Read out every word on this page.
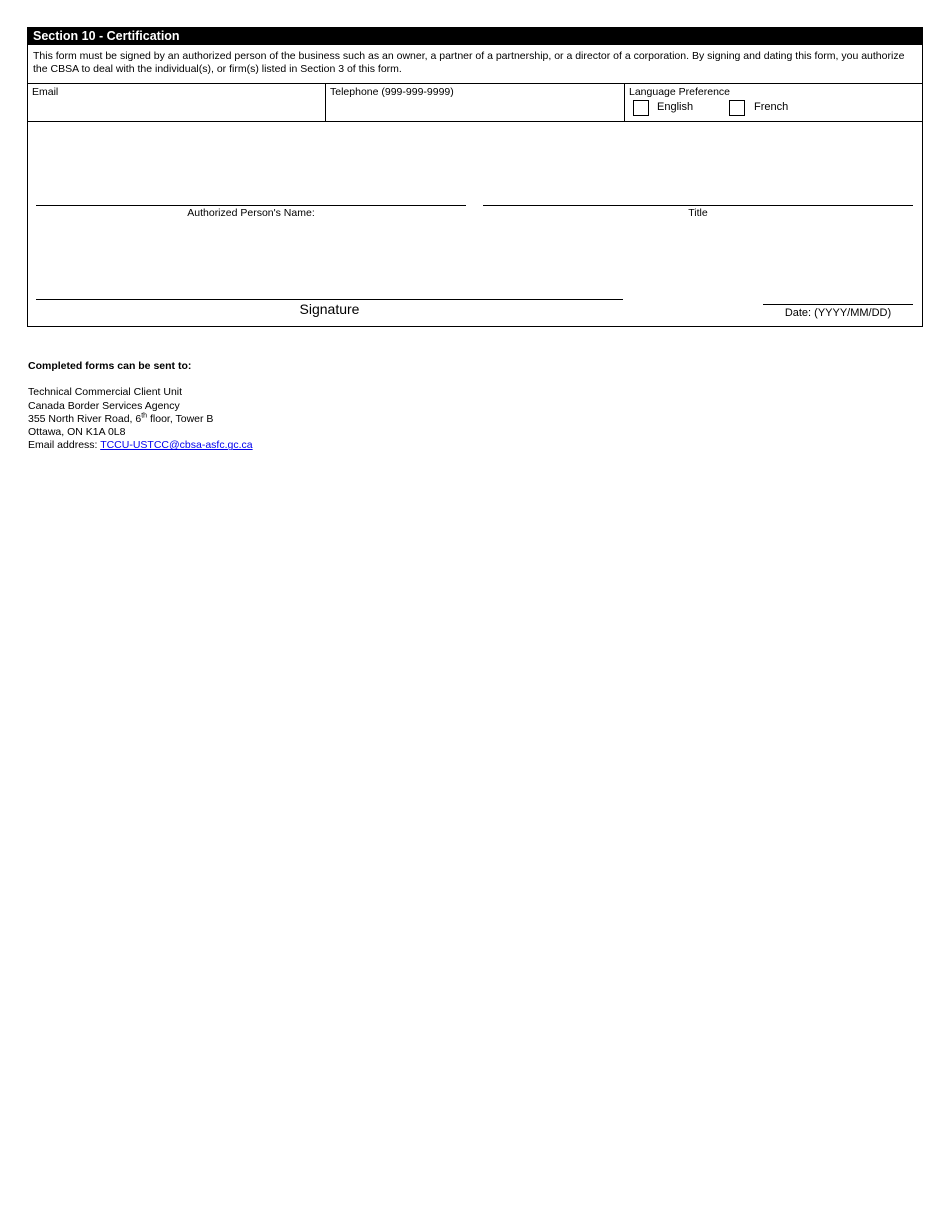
Section 10 - Certification
This form must be signed by an authorized person of the business such as an owner, a partner of a partnership, or a director of a corporation. By signing and dating this form, you authorize the CBSA to deal with the individual(s), or firm(s) listed in Section 3 of this form.
Email	Telephone (999-999-9999)	Language Preference
English	French
Authorized Person's Name:	Title
Signature	Date: (YYYY/MM/DD)
Completed forms can be sent to:
Technical Commercial Client Unit
Canada Border Services Agency
355 North River Road, 6th floor, Tower B
Ottawa, ON K1A 0L8
Email address: TCCU-USTCC@cbsa-asfc.gc.ca
